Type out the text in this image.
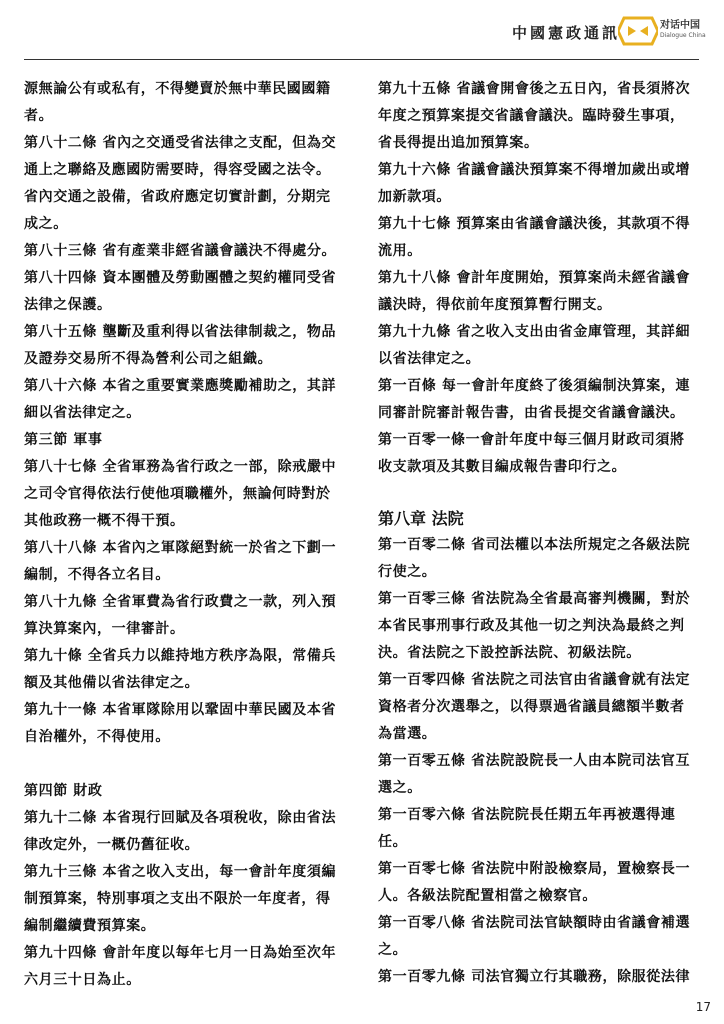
中國憲政通訊	对话中国
Dialogue China

源無論公有或私有，不得變賣於無中華民國國籍者。

第八十二條 省內之交通受省法律之支配，但為交通上之聯絡及應國防需要時，得容受國之法令。省內交通之設備，省政府應定切實計劃，分期完成之。

第八十三條 省有產業非經省議會議決不得處分。

第八十四條 資本團體及勞動團體之契約權同受省法律之保護。

第八十五條 壟斷及重利得以省法律制裁之，物品及證券交易所不得為營利公司之組織。

第八十六條 本省之重要實業應獎勵補助之，其詳細以省法律定之。

第三節 軍事

第八十七條 全省軍務為省行政之一部，除戒嚴中之司令官得依法行使他項職權外，無論何時對於其他政務一概不得干預。

第八十八條 本省內之軍隊絕對統一於省之下劃一編制，不得各立名目。

第八十九條 全省軍費為省行政費之一款，列入預算決算案內，一律審計。

第九十條 全省兵力以維持地方秩序為限，常備兵額及其他備以省法律定之。

第九十一條 本省軍隊除用以鞏固中華民國及本省自治權外，不得使用。

第四節 財政

第九十二條 本省現行回賦及各項稅收，除由省法律改定外，一概仍舊征收。

第九十三條 本省之收入支出，每一會計年度須編制預算案，特別事項之支出不限於一年度者，得編制繼續費預算案。

第九十四條 會計年度以每年七月一日為始至次年六月三十日為止。

第九十五條 省議會開會後之五日內，省長須將次年度之預算案提交省議會議決。臨時發生事項，省長得提出追加預算案。

第九十六條 省議會議決預算案不得增加歲出或增加新款項。

第九十七條 預算案由省議會議決後，其款項不得流用。

第九十八條 會計年度開始，預算案尚未經省議會議決時，得依前年度預算暫行開支。

第九十九條 省之收入支出由省金庫管理，其詳細以省法律定之。

第一百條 每一會計年度終了後須編制決算案，連同審計院審計報告書，由省長提交省議會議決。

第一百零一條一會計年度中每三個月財政司須將收支款項及其數目編成報告書印行之。

第八章 法院

第一百零二條 省司法權以本法所規定之各級法院行使之。

第一百零三條 省法院為全省最高審判機關，對於本省民事刑事行政及其他一切之判決為最終之判決。省法院之下設控訴法院、初級法院。

第一百零四條 省法院之司法官由省議會就有法定資格者分次選舉之，以得票過省議員總額半數者為當選。

第一百零五條 省法院設院長一人由本院司法官互選之。

第一百零六條 省法院院長任期五年再被選得連任。

第一百零七條 省法院中附設檢察局，置檢察長一人。各級法院配置相當之檢察官。

第一百零八條 省法院司法官缺額時由省議會補選之。

第一百零九條 司法官獨立行其職務，除服從法律

17
